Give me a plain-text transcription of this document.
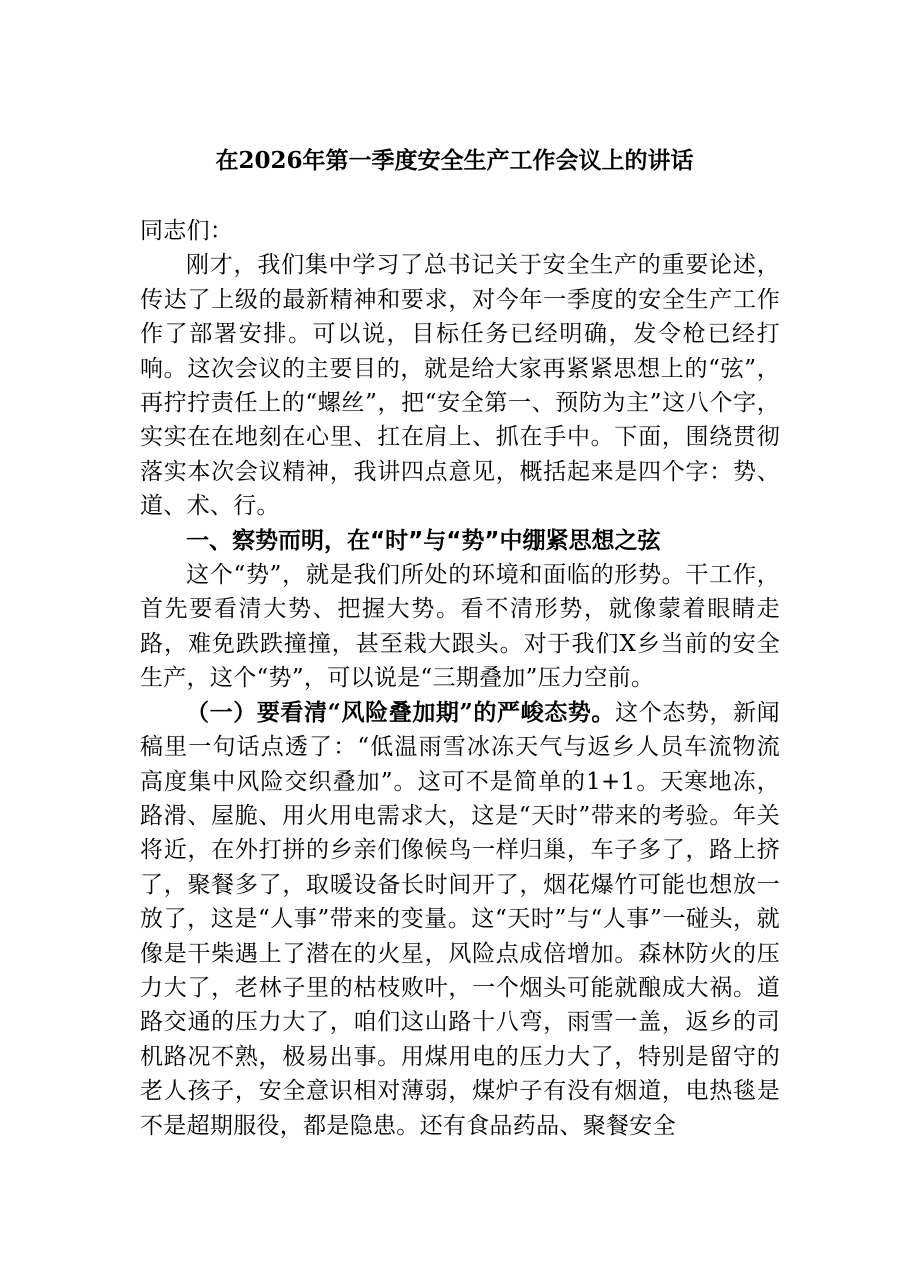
在2026年第一季度安全生产工作会议上的讲话

同志们：

刚才，我们集中学习了总书记关于安全生产的重要论述，传达了上级的最新精神和要求，对今年一季度的安全生产工作作了部署安排。可以说，目标任务已经明确，发令枪已经打响。这次会议的主要目的，就是给大家再紧紧思想上的“弦”，再拧拧责任上的“螺丝”，把“安全第一、预防为主”这八个字，实实在在地刻在心里、扛在肩上、抓在手中。下面，围绕贯彻落实本次会议精神，我讲四点意见，概括起来是四个字：势、道、术、行。

一、察势而明，在“时”与“势”中绷紧思想之弦

这个“势”，就是我们所处的环境和面临的形势。干工作，首先要看清大势、把握大势。看不清形势，就像蒙着眼睛走路，难免跌跌撞撞，甚至栽大跟头。对于我们X乡当前的安全生产，这个“势”，可以说是“三期叠加”压力空前。

（一）要看清“风险叠加期”的严峻态势。这个态势，新闻稿里一句话点透了：“低温雨雪冰冻天气与返乡人员车流物流高度集中风险交织叠加”。这可不是简单的1+1。天寒地冻，路滑、屋脆、用火用电需求大，这是“天时”带来的考验。年关将近，在外打拼的乡亲们像候鸟一样归巢，车子多了，路上挤了，聚餐多了，取暖设备长时间开了，烟花爆竹可能也想放一放了，这是“人事”带来的变量。这“天时”与“人事”一碰头，就像是干柴遇上了潜在的火星，风险点成倍增加。森林防火的压力大了，老林子里的枯枝败叶，一个烟头可能就酿成大祸。道路交通的压力大了，咱们这山路十八弯，雨雪一盖，返乡的司机路况不熟，极易出事。用煤用电的压力大了，特别是留守的老人孩子，安全意识相对薄弱，煤炉子有没有烟道，电热毯是不是超期服役，都是隐患。还有食品药品、聚餐安全
